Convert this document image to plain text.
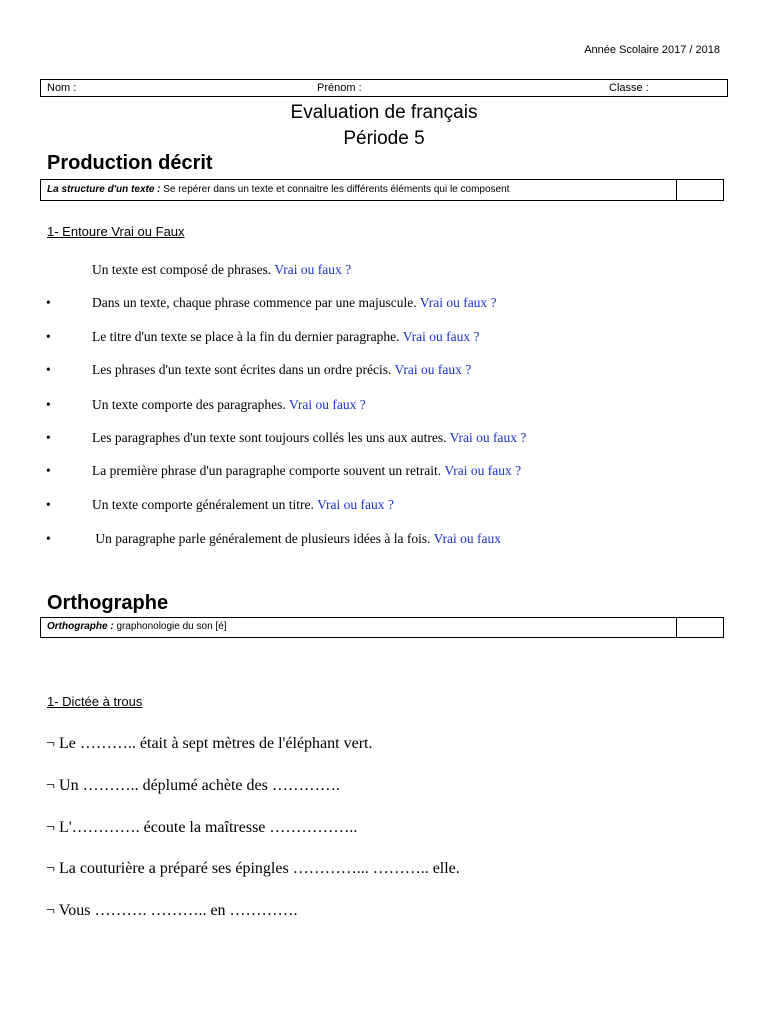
Année Scolaire 2017 / 2018
Nom :	Prénom :	Classe :
Evaluation de français
Période 5
Production décrit
La structure d'un texte : Se repérer dans un texte et connaitre les différents éléments qui le composent
1- Entoure Vrai ou Faux
Un texte est composé de phrases. Vrai ou faux ?
•	Dans un texte, chaque phrase commence par une majuscule. Vrai ou faux ?
•	Le titre d'un texte se place à la fin du dernier paragraphe. Vrai ou faux ?
•	Les phrases d'un texte sont écrites dans un ordre précis. Vrai ou faux ?
•	Un texte comporte des paragraphes. Vrai ou faux ?
•	Les paragraphes d'un texte sont toujours collés les uns aux autres. Vrai ou faux ?
•	La première phrase d'un paragraphe comporte souvent un retrait. Vrai ou faux ?
•	Un texte comporte généralement un titre. Vrai ou faux ?
•	Un paragraphe parle généralement de plusieurs idées à la fois. Vrai ou faux
Orthographe
Orthographe : graphonologie du son [é]
1- Dictée à trous
¬ Le ……….. était à sept mètres de l'éléphant vert.
¬ Un ……….. déplumé achète des ………….
¬ L'…………. écoute la maîtresse ……………..
¬ La couturière a préparé ses épingles …………... ……….. elle.
¬ Vous ………. ……….. en ………….
